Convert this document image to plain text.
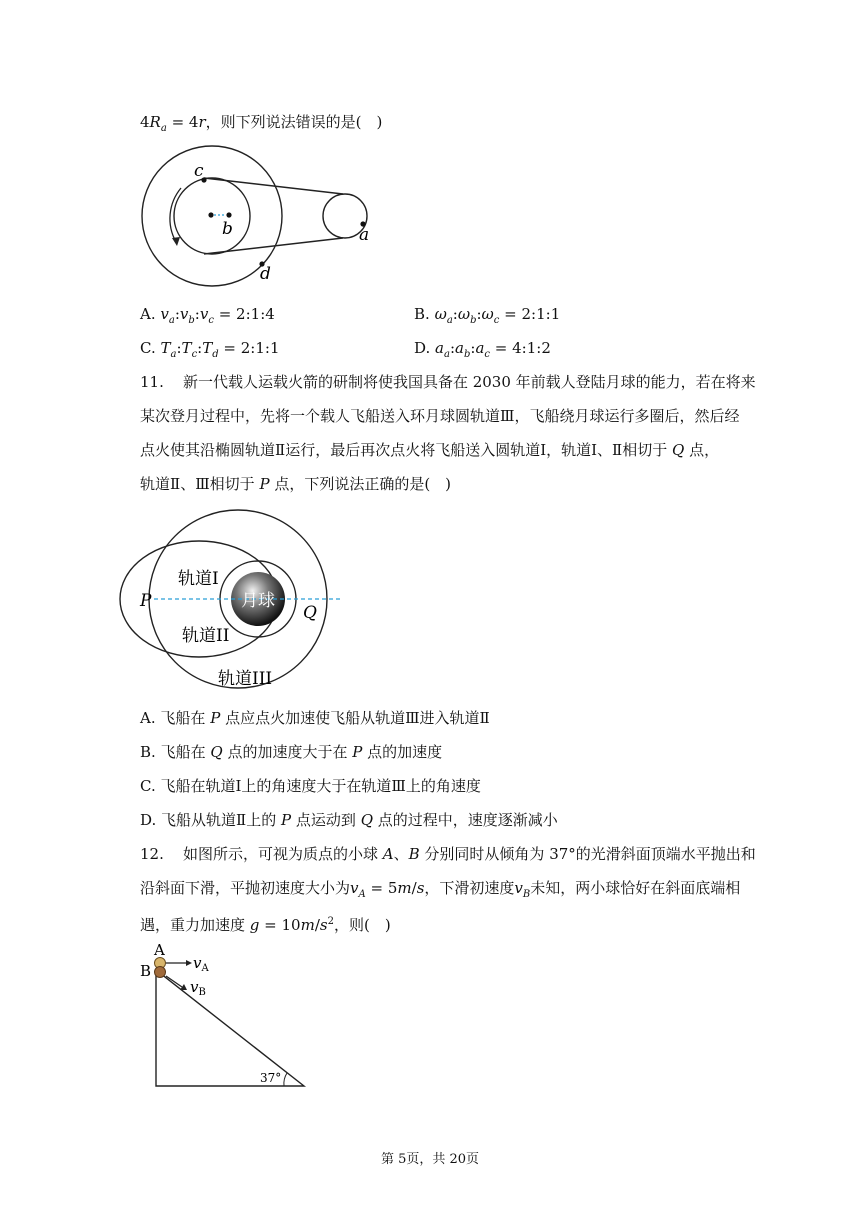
$4R_a = 4r$，则下列说法错误的是(　)
c
b	a
d
A. $v_a:v_b:v_c$ = 2:1:4	B. $\omega_a:\omega_b:\omega_c$ = 2:1:1
C. $T_a:T_c:T_d$ = 2:1:1	D. $a_a:a_b:a_c$ = 4:1:2
11. 新一代载人运载火箭的研制将使我国具备在 2030 年前载人登陆月球的能力，若在将来
某次登月过程中，先将一个载人飞船送入环月球圆轨道Ⅲ，飞船绕月球运行多圈后，然后经
点火使其沿椭圆轨道Ⅱ运行，最后再次点火将飞船送入圆轨道Ⅰ，轨道Ⅰ、Ⅱ相切于 Q 点，
轨道Ⅱ、Ⅲ相切于 P 点，下列说法正确的是(　)
月球
轨道I
轨道II
轨道III
P
Q
A. 飞船在 P 点应点火加速使飞船从轨道Ⅲ进入轨道Ⅱ
B. 飞船在 Q 点的加速度大于在 P 点的加速度
C. 飞船在轨道Ⅰ上的角速度大于在轨道Ⅲ上的角速度
D. 飞船从轨道Ⅱ上的 P 点运动到 Q 点的过程中，速度逐渐减小
12. 如图所示，可视为质点的小球 A、B 分别同时从倾角为 37°的光滑斜面顶端水平抛出和
沿斜面下滑，平抛初速度大小为$v_A = 5m/s$，下滑初速度$v_B$未知，两小球恰好在斜面底端相
遇，重力加速度 $g = 10m/s^2$，则(　)
A
B	$v_A$
$v_B$
37°
第 5页，共 20页
